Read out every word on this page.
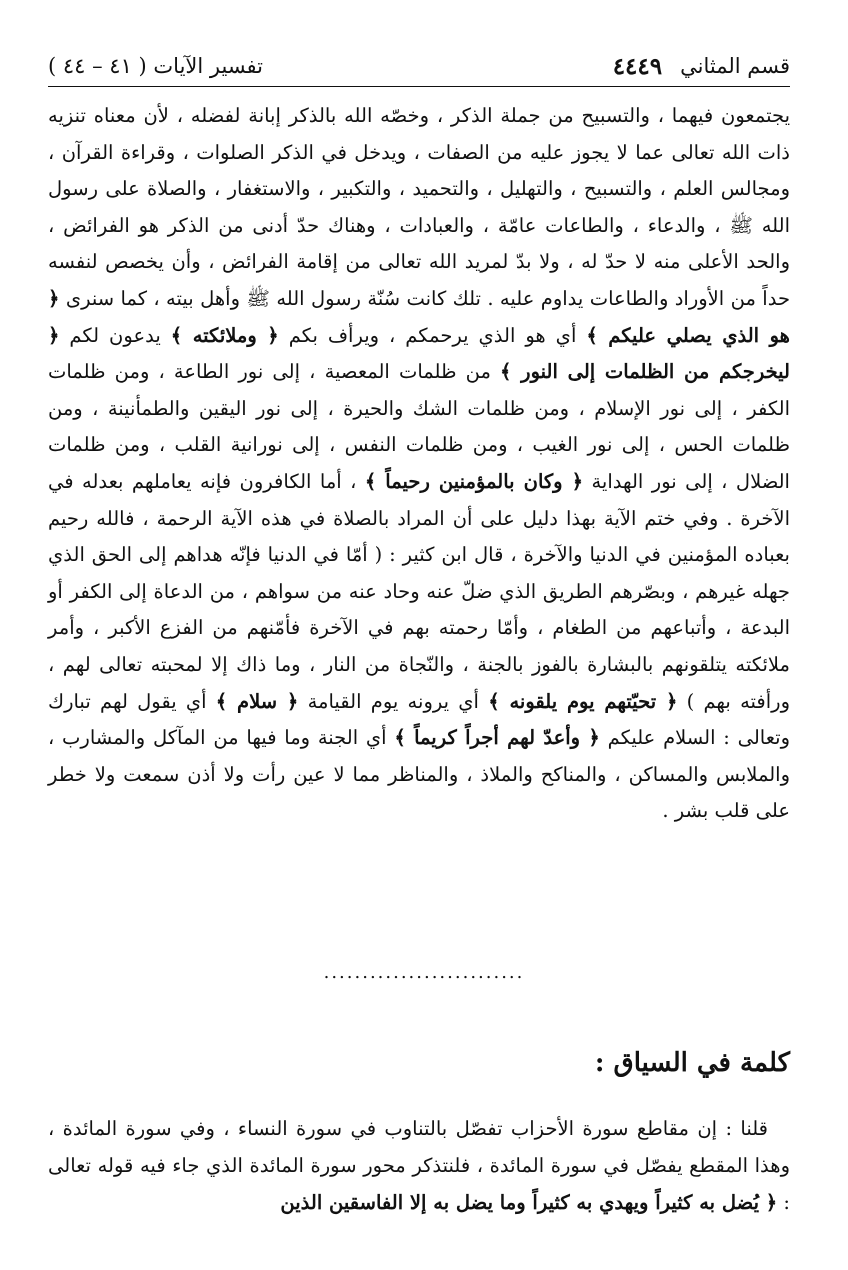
تفسير الآيات ( ٤١ – ٤٤ )	قسم المثاني
٤٤٤٩

يجتمعون فيهما ، والتسبيح من جملة الذكر ، وخصّه الله بالذكر إبانة لفضله ، لأن معناه تنزيه ذات الله تعالى عما لا يجوز عليه من الصفات ، ويدخل في الذكر الصلوات ، وقراءة القرآن ، ومجالس العلم ، والتسبيح ، والتهليل ، والتحميد ، والتكبير ، والاستغفار ، والصلاة على رسول الله ﷺ ، والدعاء ، والطاعات عامّة ، والعبادات ، وهناك حدّ أدنى من الذكر هو الفرائض ، والحد الأعلى منه لا حدّ له ، ولا بدّ لمريد الله تعالى من إقامة الفرائض ، وأن يخصص لنفسه حداً من الأوراد والطاعات يداوم عليه . تلك كانت سُنّة رسول الله ﷺ وأهل بيته ، كما سنرى ﴿ هو الذي يصلي عليكم ﴾ أي هو الذي يرحمكم ، ويرأف بكم ﴿ وملائكته ﴾ يدعون لكم ﴿ ليخرجكم من الظلمات إلى النور ﴾ من ظلمات المعصية ، إلى نور الطاعة ، ومن ظلمات الكفر ، إلى نور الإسلام ، ومن ظلمات الشك والحيرة ، إلى نور اليقين والطمأنينة ، ومن ظلمات الحس ، إلى نور الغيب ، ومن ظلمات النفس ، إلى نورانية القلب ، ومن ظلمات الضلال ، إلى نور الهداية ﴿ وكان بالمؤمنين رحيماً ﴾ ، أما الكافرون فإنه يعاملهم بعدله في الآخرة . وفي ختم الآية بهذا دليل على أن المراد بالصلاة في هذه الآية الرحمة ، فالله رحيم بعباده المؤمنين في الدنيا والآخرة ، قال ابن كثير : ( أمّا في الدنيا فإنّه هداهم إلى الحق الذي جهله غيرهم ، وبصّرهم الطريق الذي ضلّ عنه وحاد عنه من سواهم ، من الدعاة إلى الكفر أو البدعة ، وأتباعهم من الطغام ، وأمّا رحمته بهم في الآخرة فأمّنهم من الفزع الأكبر ، وأمر ملائكته يتلقونهم بالبشارة بالفوز بالجنة ، والنّجاة من النار ، وما ذاك إلا لمحبته تعالى لهم ، ورأفته بهم ) ﴿ تحيّتهم يوم يلقونه ﴾ أي يرونه يوم القيامة ﴿ سلام ﴾ أي يقول لهم تبارك وتعالى : السلام عليكم ﴿ وأعدّ لهم أجراً كريماً ﴾ أي الجنة وما فيها من المآكل والمشارب ، والملابس والمساكن ، والمناكح والملاذ ، والمناظر مما لا عين رأت ولا أذن سمعت ولا خطر على قلب بشر .

..........................
كلمة في السياق :

قلنا : إن مقاطع سورة الأحزاب تفصّل بالتناوب في سورة النساء ، وفي سورة المائدة ، وهذا المقطع يفصّل في سورة المائدة ، فلنتذكر محور سورة المائدة الذي جاء فيه قوله تعالى : ﴿ يُضل به كثيراً ويهدي به كثيراً وما يضل به إلا الفاسقين الذين
